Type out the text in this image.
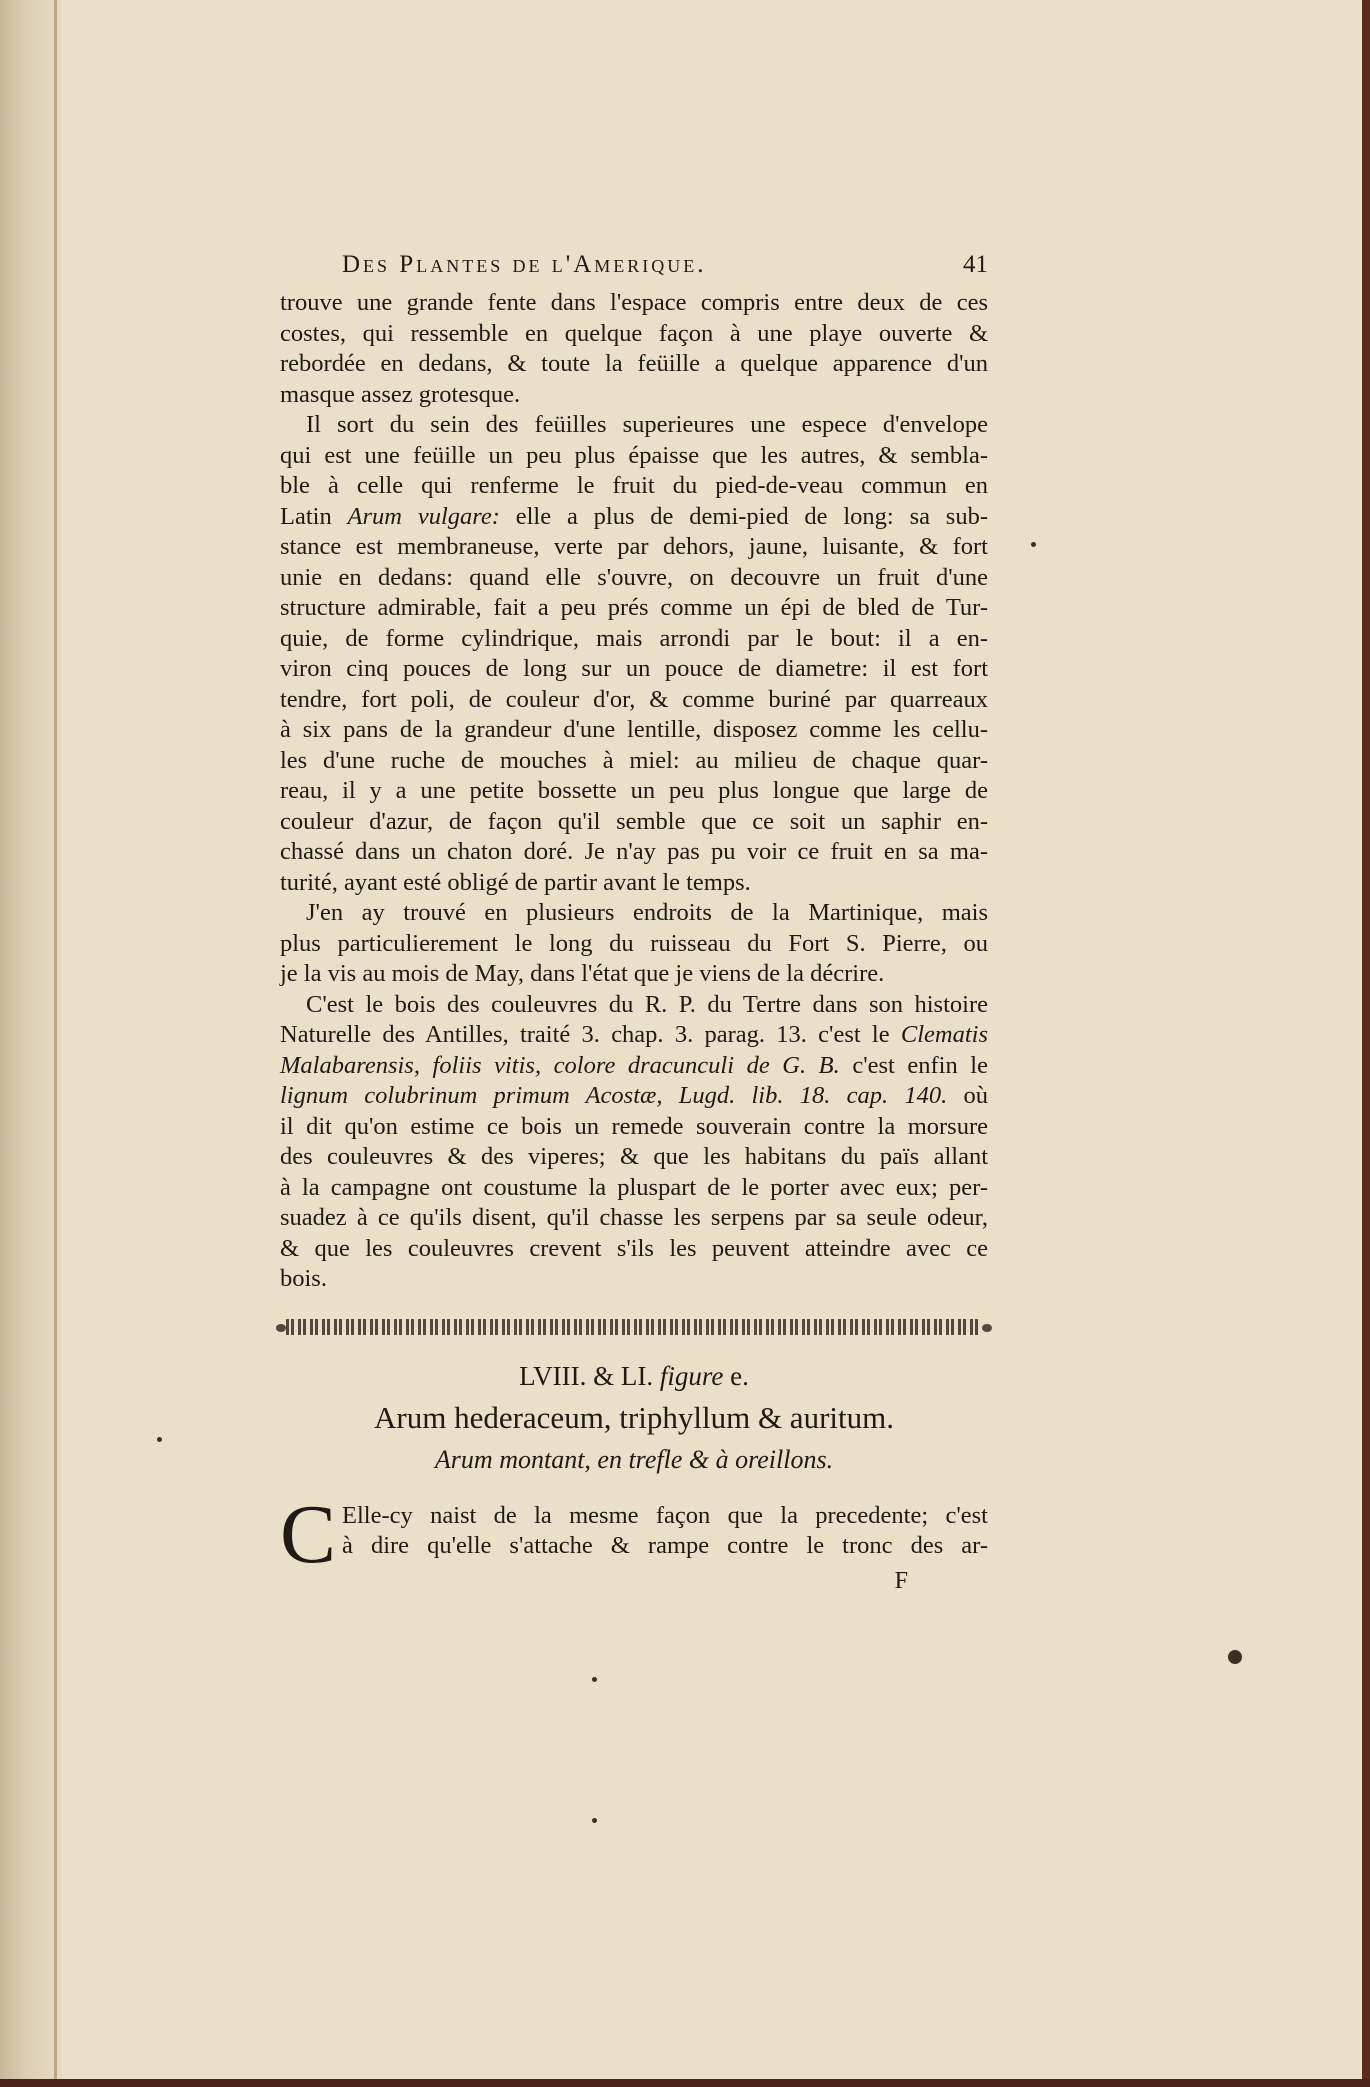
Des Plantes de l'Amerique.	41

trouve une grande fente dans l'espace compris entre deux de ces
costes, qui ressemble en quelque façon à une playe ouverte &
rebordée en dedans, & toute la feüille a quelque apparence d'un
masque assez grotesque.

Il sort du sein des feüilles superieures une espece d'envelope
qui est une feüille un peu plus épaisse que les autres, & sembla-
ble à celle qui renferme le fruit du pied-de-veau commun en
Latin Arum vulgare: elle a plus de demi-pied de long: sa sub-
stance est membraneuse, verte par dehors, jaune, luisante, & fort
unie en dedans: quand elle s'ouvre, on decouvre un fruit d'une
structure admirable, fait a peu prés comme un épi de bled de Tur-
quie, de forme cylindrique, mais arrondi par le bout: il a en-
viron cinq pouces de long sur un pouce de diametre: il est fort
tendre, fort poli, de couleur d'or, & comme buriné par quarreaux
à six pans de la grandeur d'une lentille, disposez comme les cellu-
les d'une ruche de mouches à miel: au milieu de chaque quar-
reau, il y a une petite bossette un peu plus longue que large de
couleur d'azur, de façon qu'il semble que ce soit un saphir en-
chassé dans un chaton doré. Je n'ay pas pu voir ce fruit en sa ma-
turité, ayant esté obligé de partir avant le temps.

J'en ay trouvé en plusieurs endroits de la Martinique, mais
plus particulierement le long du ruisseau du Fort S. Pierre, ou
je la vis au mois de May, dans l'état que je viens de la décrire.

C'est le bois des couleuvres du R. P. du Tertre dans son histoire
Naturelle des Antilles, traité 3. chap. 3. parag. 13. c'est le Clematis
Malabarensis, foliis vitis, colore dracunculi de G. B. c'est enfin le
lignum colubrinum primum Acostæ, Lugd. lib. 18. cap. 140. où
il dit qu'on estime ce bois un remede souverain contre la morsure
des couleuvres & des viperes; & que les habitans du païs allant
à la campagne ont coustume la pluspart de le porter avec eux; per-
suadez à ce qu'ils disent, qu'il chasse les serpens par sa seule odeur,
& que les couleuvres crevent s'ils les peuvent atteindre avec ce
bois.

LVIII. & LI. figure e.
Arum hederaceum, triphyllum & auritum.
Arum montant, en trefle & à oreillons.
C Elle-cy naist de la mesme façon que la precedente; c'est
à dire qu'elle s'attache & rampe contre le tronc des ar-
F
